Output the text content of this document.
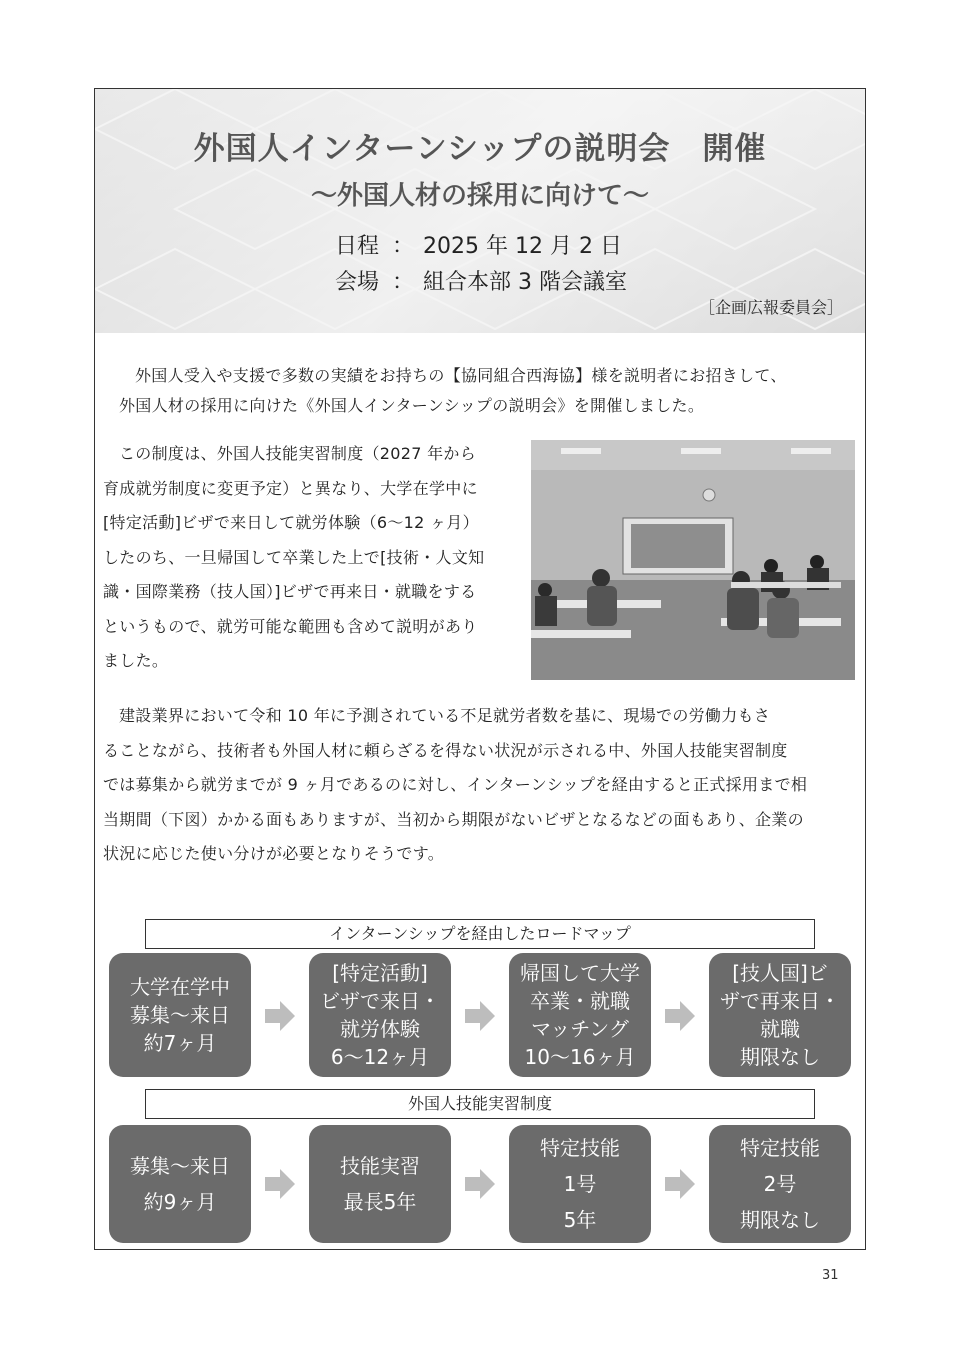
外国人インターンシップの説明会　開催
～外国人材の採用に向けて～
日程 ： 2025 年 12 月 2 日
会場 ： 組合本部 3 階会議室
［企画広報委員会］
外国人受入や支援で多数の実績をお持ちの【協同組合西海協】様を説明者にお招きして、
外国人材の採用に向けた《外国人インターンシップの説明会》を開催しました。
この制度は、外国人技能実習制度（2027 年から
育成就労制度に変更予定）と異なり、大学在学中に
[特定活動]ビザで来日して就労体験（6～12 ヶ月）
したのち、一旦帰国して卒業した上で[技術・人文知
識・国際業務（技人国）]ビザで再来日・就職をする
というもので、就労可能な範囲も含めて説明があり
ました。
建設業界において令和 10 年に予測されている不足就労者数を基に、現場での労働力もさ
ることながら、技術者も外国人材に頼らざるを得ない状況が示される中、外国人技能実習制度
では募集から就労までが 9 ヶ月であるのに対し、インターンシップを経由すると正式採用まで相
当期間（下図）かかる面もありますが、当初から期限がないビザとなるなどの面もあり、企業の
状況に応じた使い分けが必要となりそうです。
インターンシップを経由したロードマップ
大学在学中
募集～来日
約7ヶ月
[特定活動]
ビザで来日・
就労体験
6～12ヶ月
帰国して大学
卒業・就職
マッチング
10～16ヶ月
[技人国]ビ
ザで再来日・
就職
期限なし
外国人技能実習制度
募集～来日
約9ヶ月
技能実習
最長5年
特定技能
1号
5年
特定技能
2号
期限なし
31
